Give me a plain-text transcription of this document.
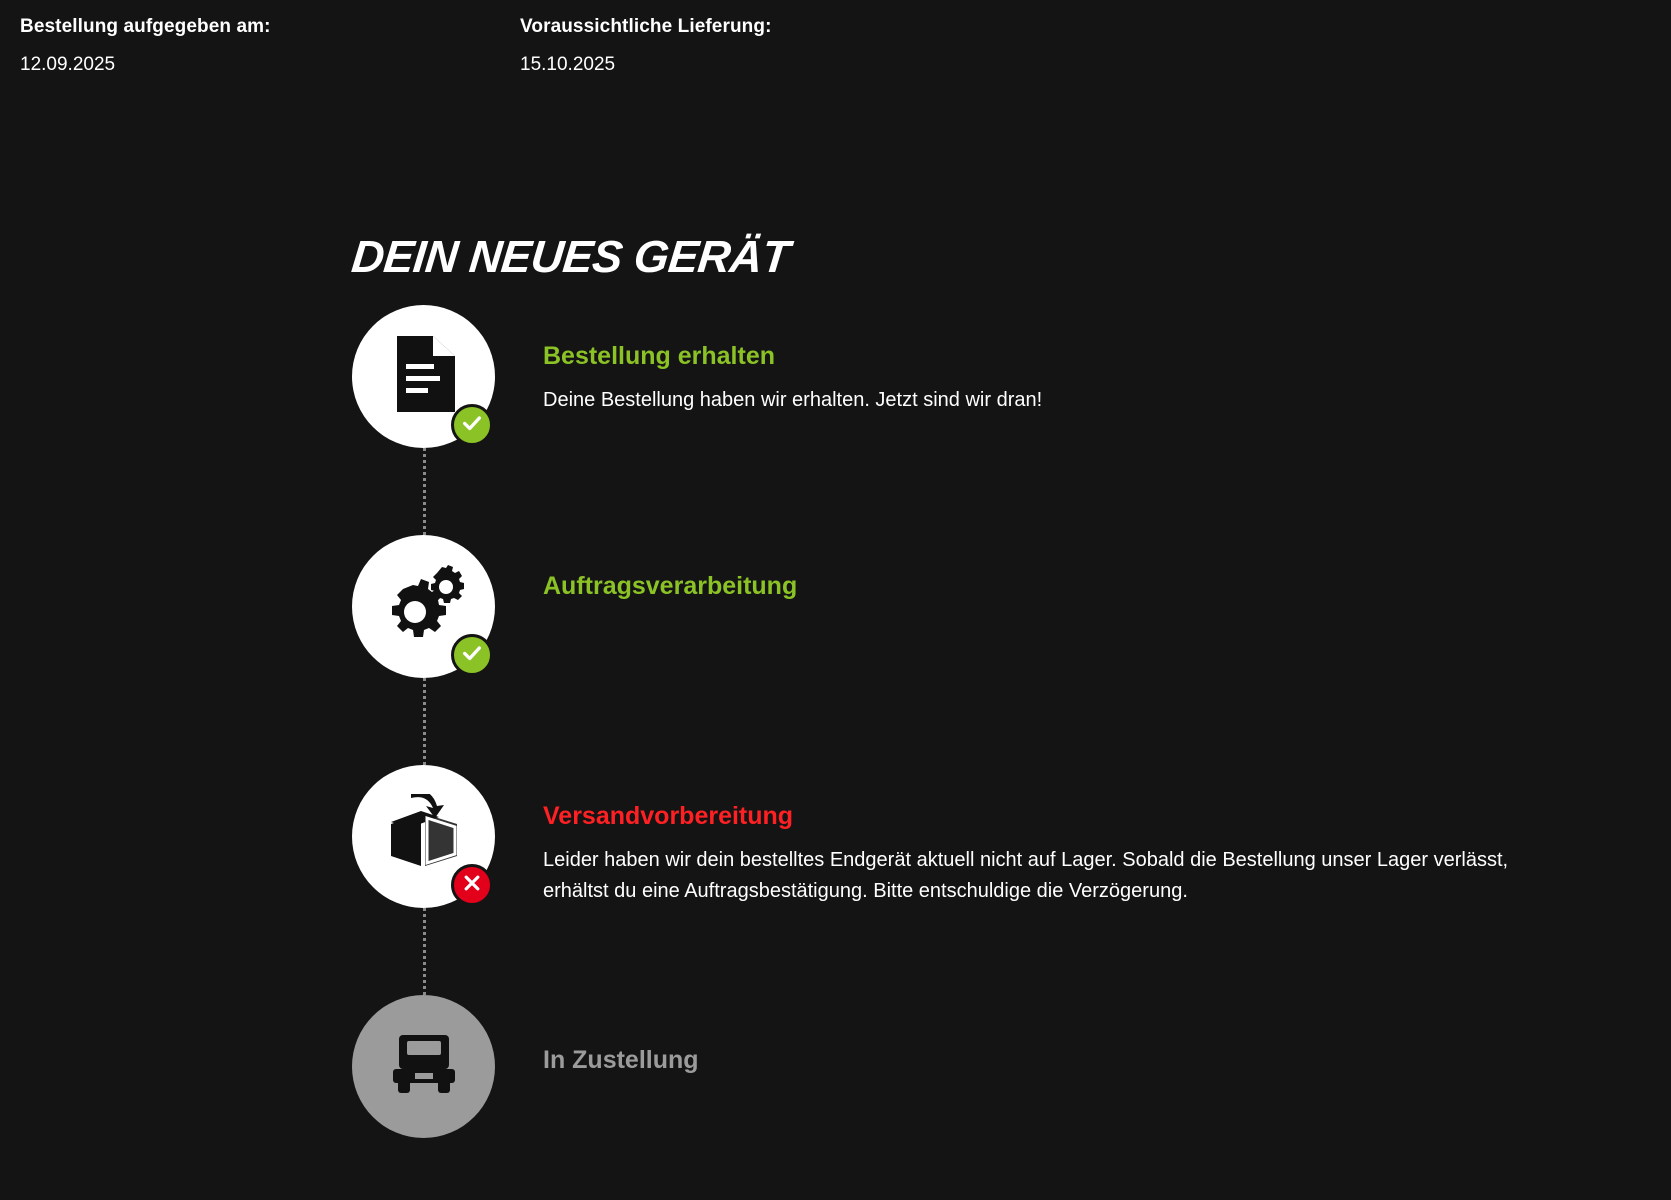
Bestellung aufgegeben am:
12.09.2025
Voraussichtliche Lieferung:
15.10.2025
DEIN NEUES GERÄT
Bestellung erhalten
Deine Bestellung haben wir erhalten. Jetzt sind wir dran!
Auftragsverarbeitung
Versandvorbereitung
Leider haben wir dein bestelltes Endgerät aktuell nicht auf Lager. Sobald die Bestellung unser Lager verlässt, erhältst du eine Auftragsbestätigung. Bitte entschuldige die Verzögerung.
In Zustellung
